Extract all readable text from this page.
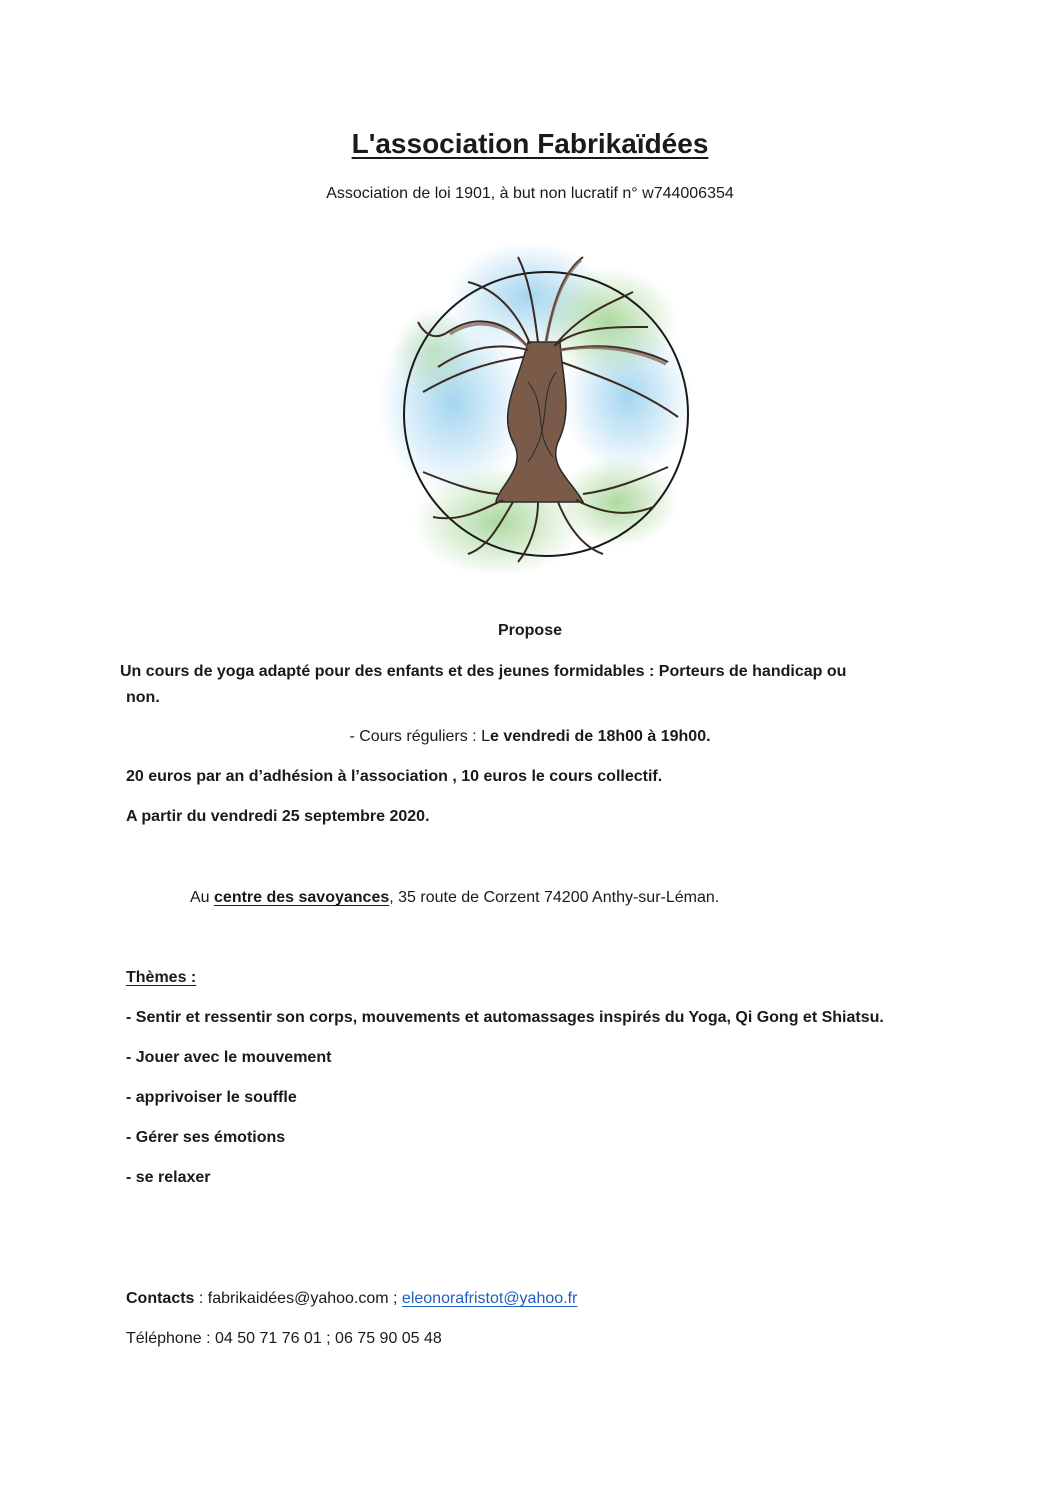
L'association Fabrikaïdées
Association de loi 1901, à but non lucratif n° w744006354
Propose
Un cours de yoga adapté pour des enfants et des jeunes formidables : Porteurs de handicap ou
non.
- Cours réguliers : Le vendredi de 18h00 à 19h00.
20 euros par an d’adhésion à l’association , 10 euros le cours collectif.
A partir du vendredi 25 septembre 2020.
Au centre des savoyances, 35 route de Corzent 74200 Anthy-sur-Léman.
Thèmes :
- Sentir et ressentir son corps, mouvements et automassages inspirés du Yoga, Qi Gong et Shiatsu.
- Jouer avec le mouvement
- apprivoiser le souffle
- Gérer ses émotions
- se relaxer
Contacts : fabrikaidées@yahoo.com ; eleonorafristot@yahoo.fr
Téléphone : 04 50 71 76 01 ; 06 75 90 05 48
